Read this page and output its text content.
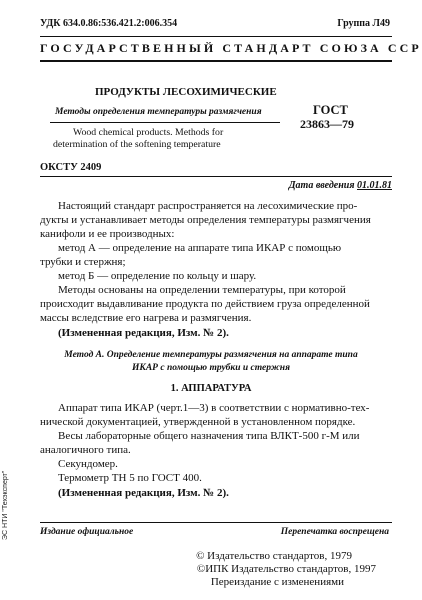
УДК 634.0.86:536.421.2:006.354	Группа Л49
ГОСУДАРСТВЕННЫЙ СТАНДАРТ СОЮЗА ССР
ПРОДУКТЫ ЛЕСОХИМИЧЕСКИЕ
Методы определения температуры размягчения
Wood chemical products. Methods for
determination of the softening temperature
ГОСТ
23863—79
ОКСТУ 2409
Дата введения 01.01.81
Настоящий стандарт распространяется на лесохимические про-
дукты и устанавливает методы определения температуры размягчения
канифоли и ее производных:
метод А — определение на аппарате типа ИКАР с помощью
трубки и стержня;
метод Б — определение по кольцу и шару.
Методы основаны на определении температуры, при которой
происходит выдавливание продукта по действием груза определенной
массы вследствие его нагрева и размягчения.
(Измененная редакция, Изм. № 2).
Метод А. Определение температуры размягчения на аппарате типа
ИКАР с помощью трубки и стержня
1. АППАРАТУРА
Аппарат типа ИКАР (черт.1—3) в соответствии с нормативно-тех-
нической документацией, утвержденной в установленном порядке.
Весы лабораторные общего назначения типа ВЛКТ-500 г-М или
аналогичного типа.
Секундомер.
Термометр ТН 5 по ГОСТ 400.
(Измененная редакция, Изм. № 2).
Издание официальное	Перепечатка воспрещена
© Издательство стандартов, 1979
©ИПК Издательство стандартов, 1997
Переиздание с изменениями
ЭС НТИ "Техэксперт"
